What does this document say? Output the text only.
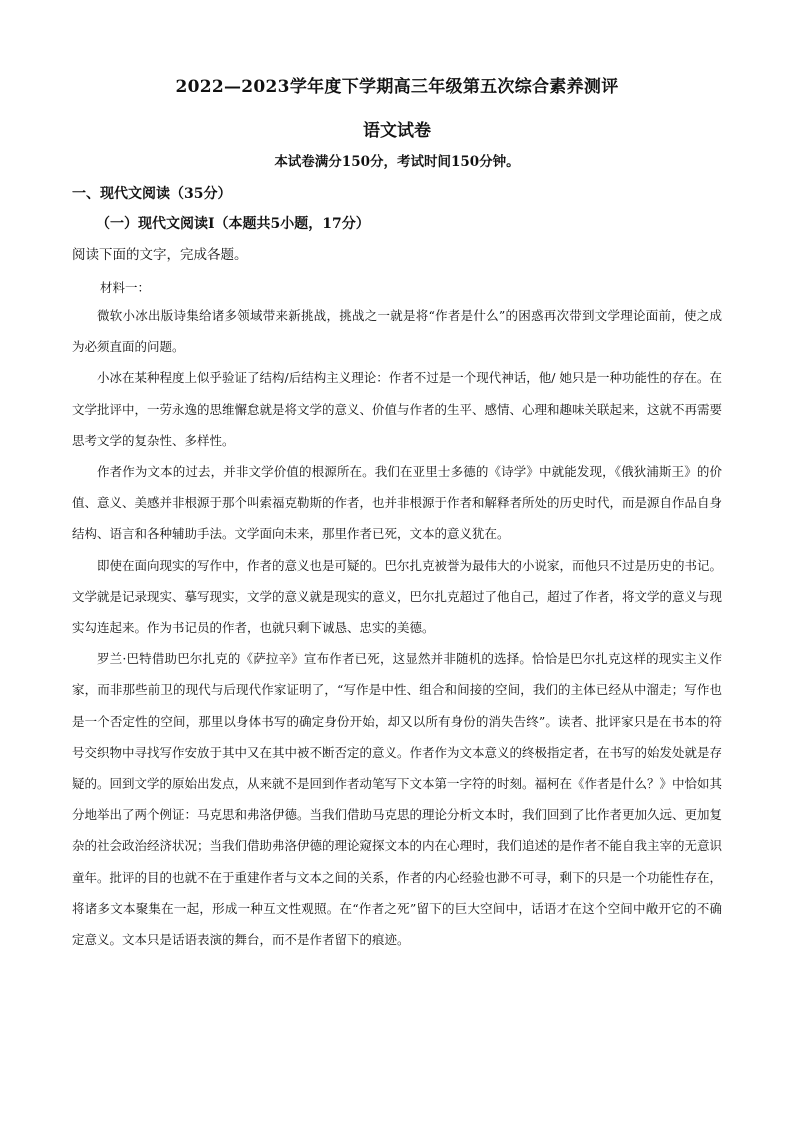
2022—2023学年度下学期高三年级第五次综合素养测评
语文试卷
本试卷满分150分，考试时间150分钟。
一、现代文阅读（35分）
（一）现代文阅读Ⅰ（本题共5小题，17分）
阅读下面的文字，完成各题。
材料一：

微软小冰出版诗集给诸多领域带来新挑战，挑战之一就是将“作者是什么”的困惑再次带到文学理论面前，使之成为必须直面的问题。

小冰在某种程度上似乎验证了结构/后结构主义理论：作者不过是一个现代神话，他/ 她只是一种功能性的存在。在文学批评中，一劳永逸的思维懈怠就是将文学的意义、价值与作者的生平、感情、心理和趣味关联起来，这就不再需要思考文学的复杂性、多样性。

作者作为文本的过去，并非文学价值的根源所在。我们在亚里士多德的《诗学》中就能发现，《俄狄浦斯王》的价值、意义、美感并非根源于那个叫索福克勒斯的作者，也并非根源于作者和解释者所处的历史时代，而是源自作品自身结构、语言和各种辅助手法。文学面向未来，那里作者已死，文本的意义犹在。

即使在面向现实的写作中，作者的意义也是可疑的。巴尔扎克被誉为最伟大的小说家，而他只不过是历史的书记。文学就是记录现实、摹写现实，文学的意义就是现实的意义，巴尔扎克超过了他自己，超过了作者，将文学的意义与现实勾连起来。作为书记员的作者，也就只剩下诚恳、忠实的美德。

罗兰·巴特借助巴尔扎克的《萨拉辛》宣布作者已死，这显然并非随机的选择。恰恰是巴尔扎克这样的现实主义作家，而非那些前卫的现代与后现代作家证明了，“写作是中性、组合和间接的空间，我们的主体已经从中溜走；写作也是一个否定性的空间，那里以身体书写的确定身份开始，却又以所有身份的消失告终”。读者、批评家只是在书本的符号交织物中寻找写作安放于其中又在其中被不断否定的意义。作者作为文本意义的终极指定者，在书写的始发处就是存疑的。回到文学的原始出发点，从来就不是回到作者动笔写下文本第一字符的时刻。福柯在《作者是什么？》中恰如其分地举出了两个例证：马克思和弗洛伊德。当我们借助马克思的理论分析文本时，我们回到了比作者更加久远、更加复杂的社会政治经济状况；当我们借助弗洛伊德的理论窥探文本的内在心理时，我们追述的是作者不能自我主宰的无意识童年。批评的目的也就不在于重建作者与文本之间的关系，作者的内心经验也渺不可寻，剩下的只是一个功能性存在，将诸多文本聚集在一起，形成一种互文性观照。在“作者之死”留下的巨大空间中，话语才在这个空间中敞开它的不确定意义。文本只是话语表演的舞台，而不是作者留下的痕迹。
